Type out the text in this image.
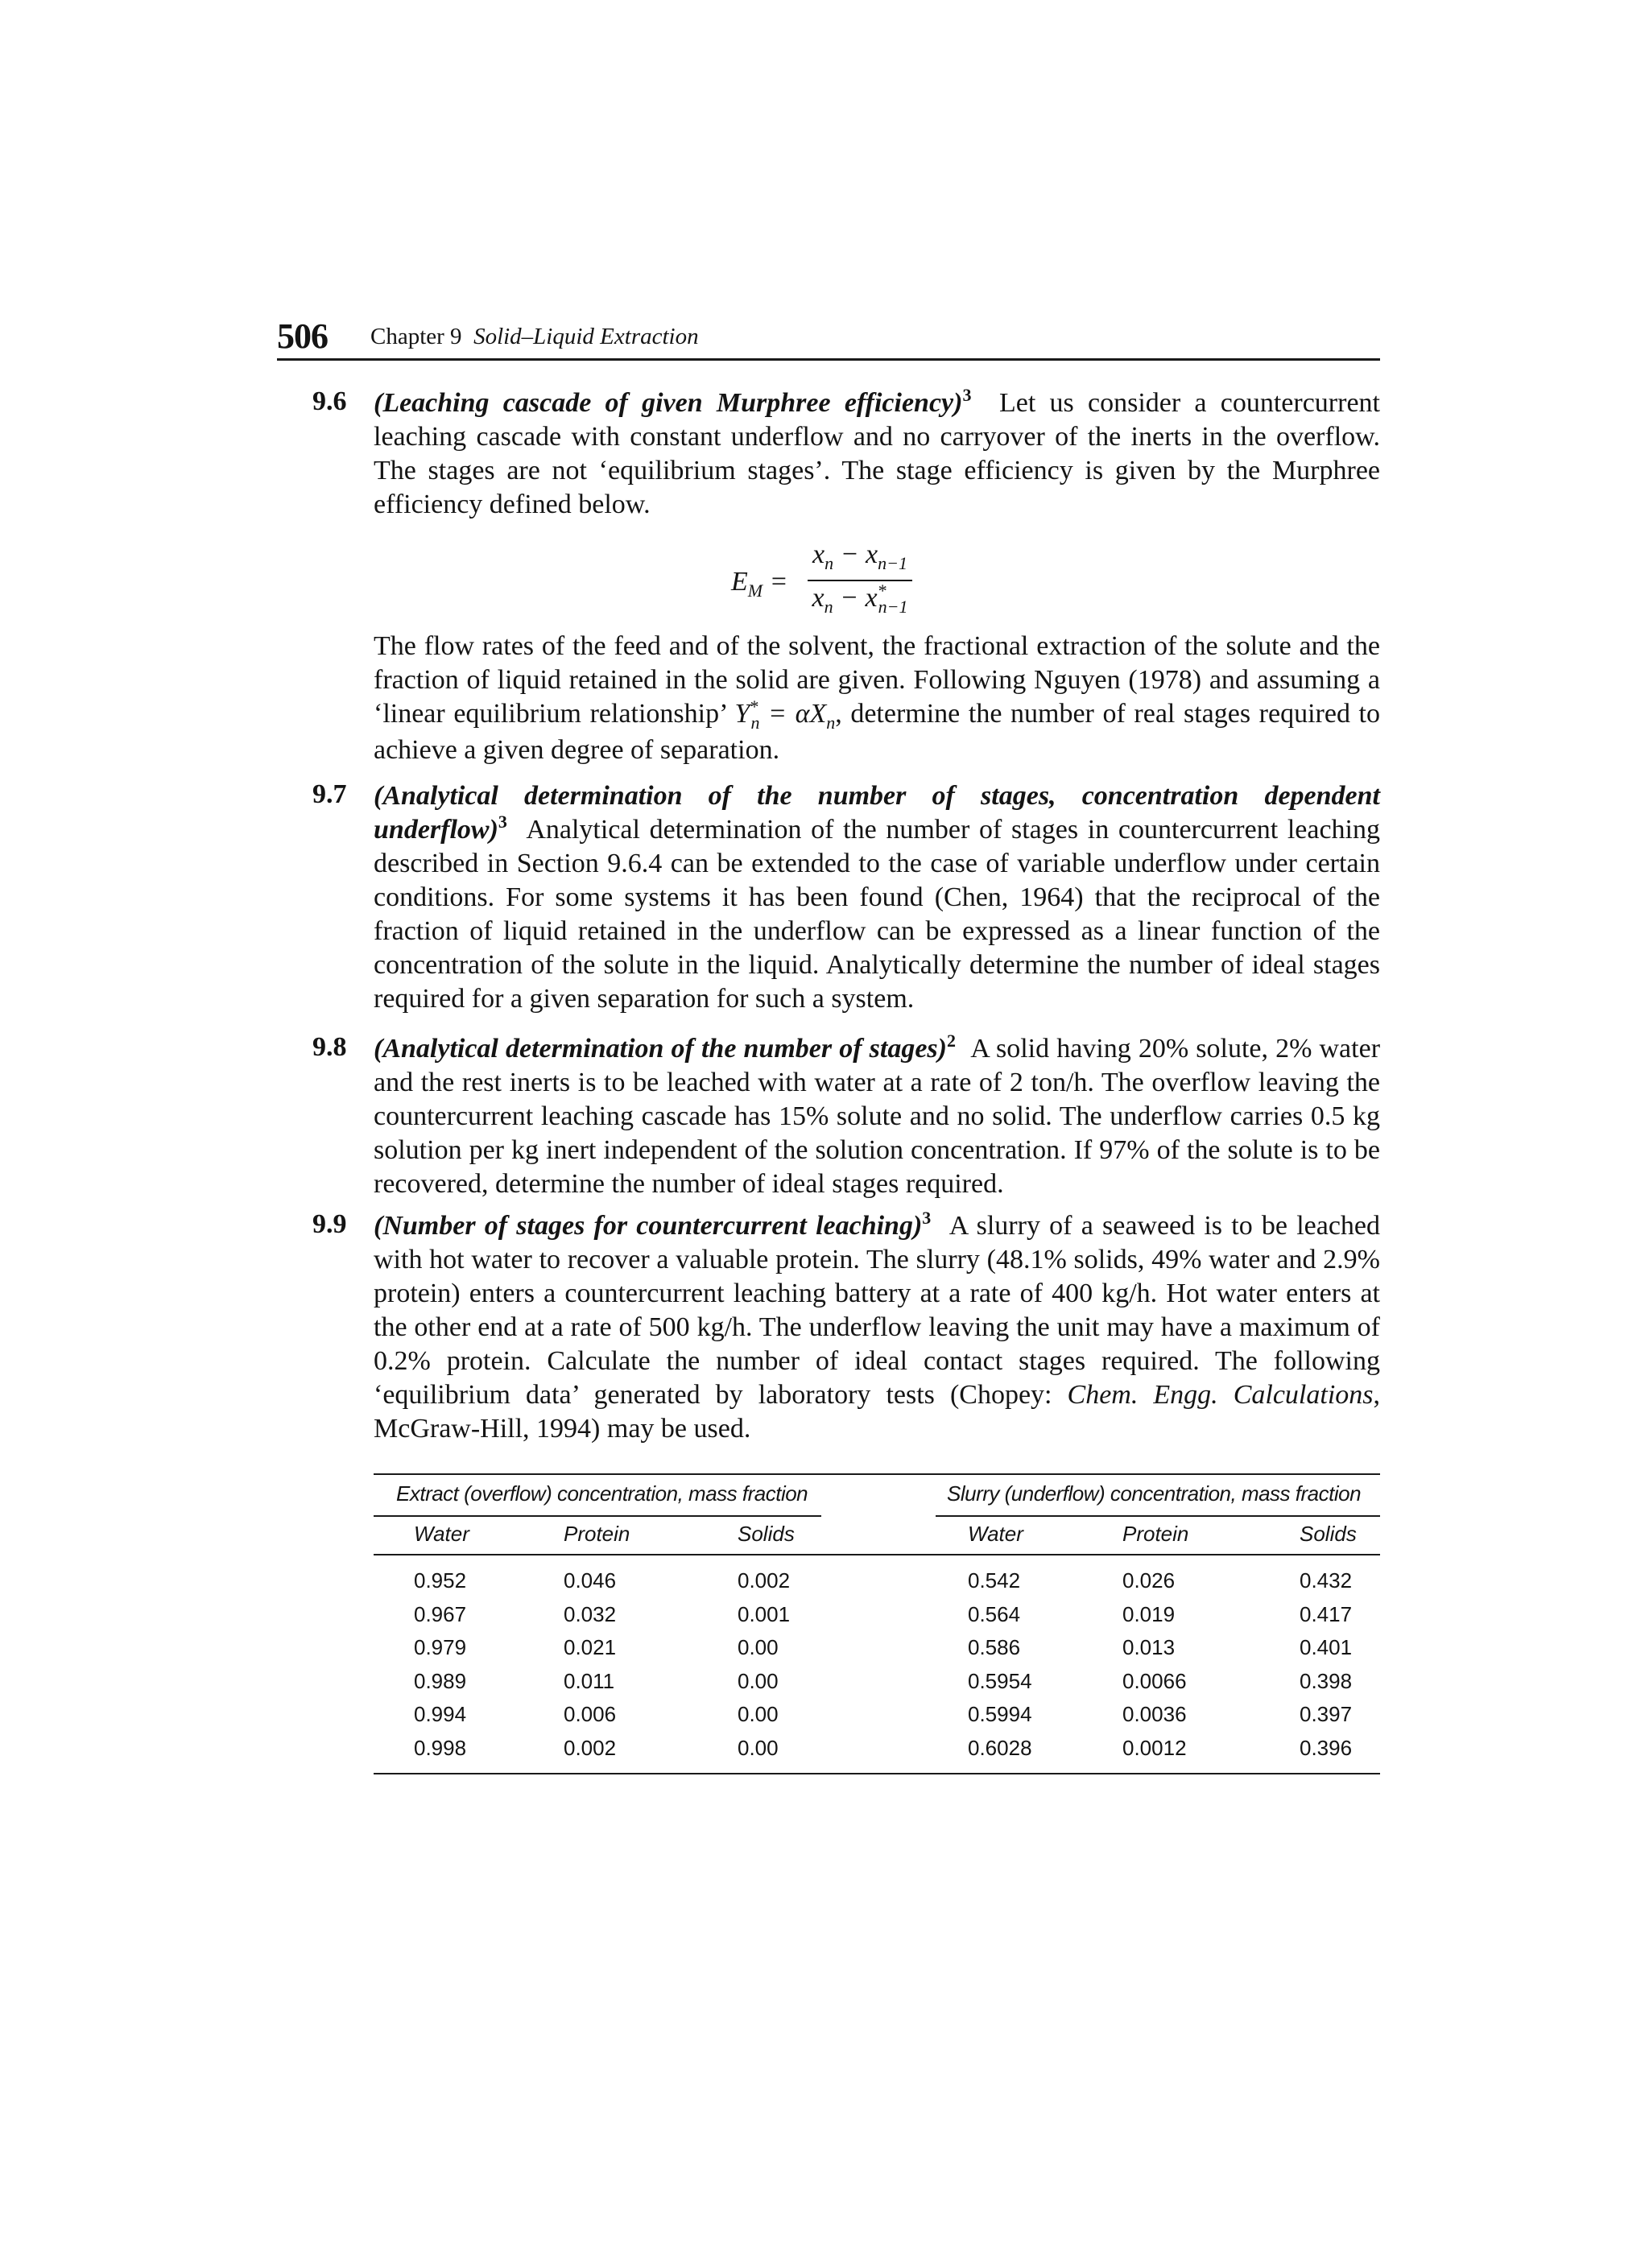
506 Chapter 9 Solid–Liquid Extraction
9.6 (Leaching cascade of given Murphree efficiency)$^3$ Let us consider a countercurrent leaching cascade with constant underflow and no carryover of the inerts in the overflow. The stages are not ‘equilibrium stages’. The stage efficiency is given by the Murphree efficiency defined below.
$E_M$ =
$x_n - x_{n-1}$
$x_n - x^*_{n-1}$
The flow rates of the feed and of the solvent, the fractional extraction of the solute and the fraction of liquid retained in the solid are given. Following Nguyen (1978) and assuming a ‘linear equilibrium relationship’ $Y^*_n = \alpha X_n$, determine the number of real stages required to achieve a given degree of separation.
9.7 (Analytical determination of the number of stages, concentration dependent underflow)$^3$ Analytical determination of the number of stages in countercurrent leaching described in Section 9.6.4 can be extended to the case of variable underflow under certain conditions. For some systems it has been found (Chen, 1964) that the reciprocal of the fraction of liquid retained in the underflow can be expressed as a linear function of the concentration of the solute in the liquid. Analytically determine the number of ideal stages required for a given separation for such a system.
9.8 (Analytical determination of the number of stages)$^2$ A solid having 20% solute, 2% water and the rest inerts is to be leached with water at a rate of 2 ton/h. The overflow leaving the countercurrent leaching cascade has 15% solute and no solid. The underflow carries 0.5 kg solution per kg inert independent of the solution concentration. If 97% of the solute is to be recovered, determine the number of ideal stages required.
9.9 (Number of stages for countercurrent leaching)$^3$ A slurry of a seaweed is to be leached with hot water to recover a valuable protein. The slurry (48.1% solids, 49% water and 2.9% protein) enters a countercurrent leaching battery at a rate of 400 kg/h. Hot water enters at the other end at a rate of 500 kg/h. The underflow leaving the unit may have a maximum of 0.2% protein. Calculate the number of ideal contact stages required. The following ‘equilibrium data’ generated by laboratory tests (Chopey: Chem. Engg. Calculations, McGraw-Hill, 1994) may be used.
Extract (overflow) concentration, mass fraction	Slurry (underflow) concentration, mass fraction
Water	Protein	Solids	Water	Protein	Solids
0.952	0.046	0.002	0.542	0.026	0.432
0.967	0.032	0.001	0.564	0.019	0.417
0.979	0.021	0.00	0.586	0.013	0.401
0.989	0.011	0.00	0.5954	0.0066	0.398
0.994	0.006	0.00	0.5994	0.0036	0.397
0.998	0.002	0.00	0.6028	0.0012	0.396
